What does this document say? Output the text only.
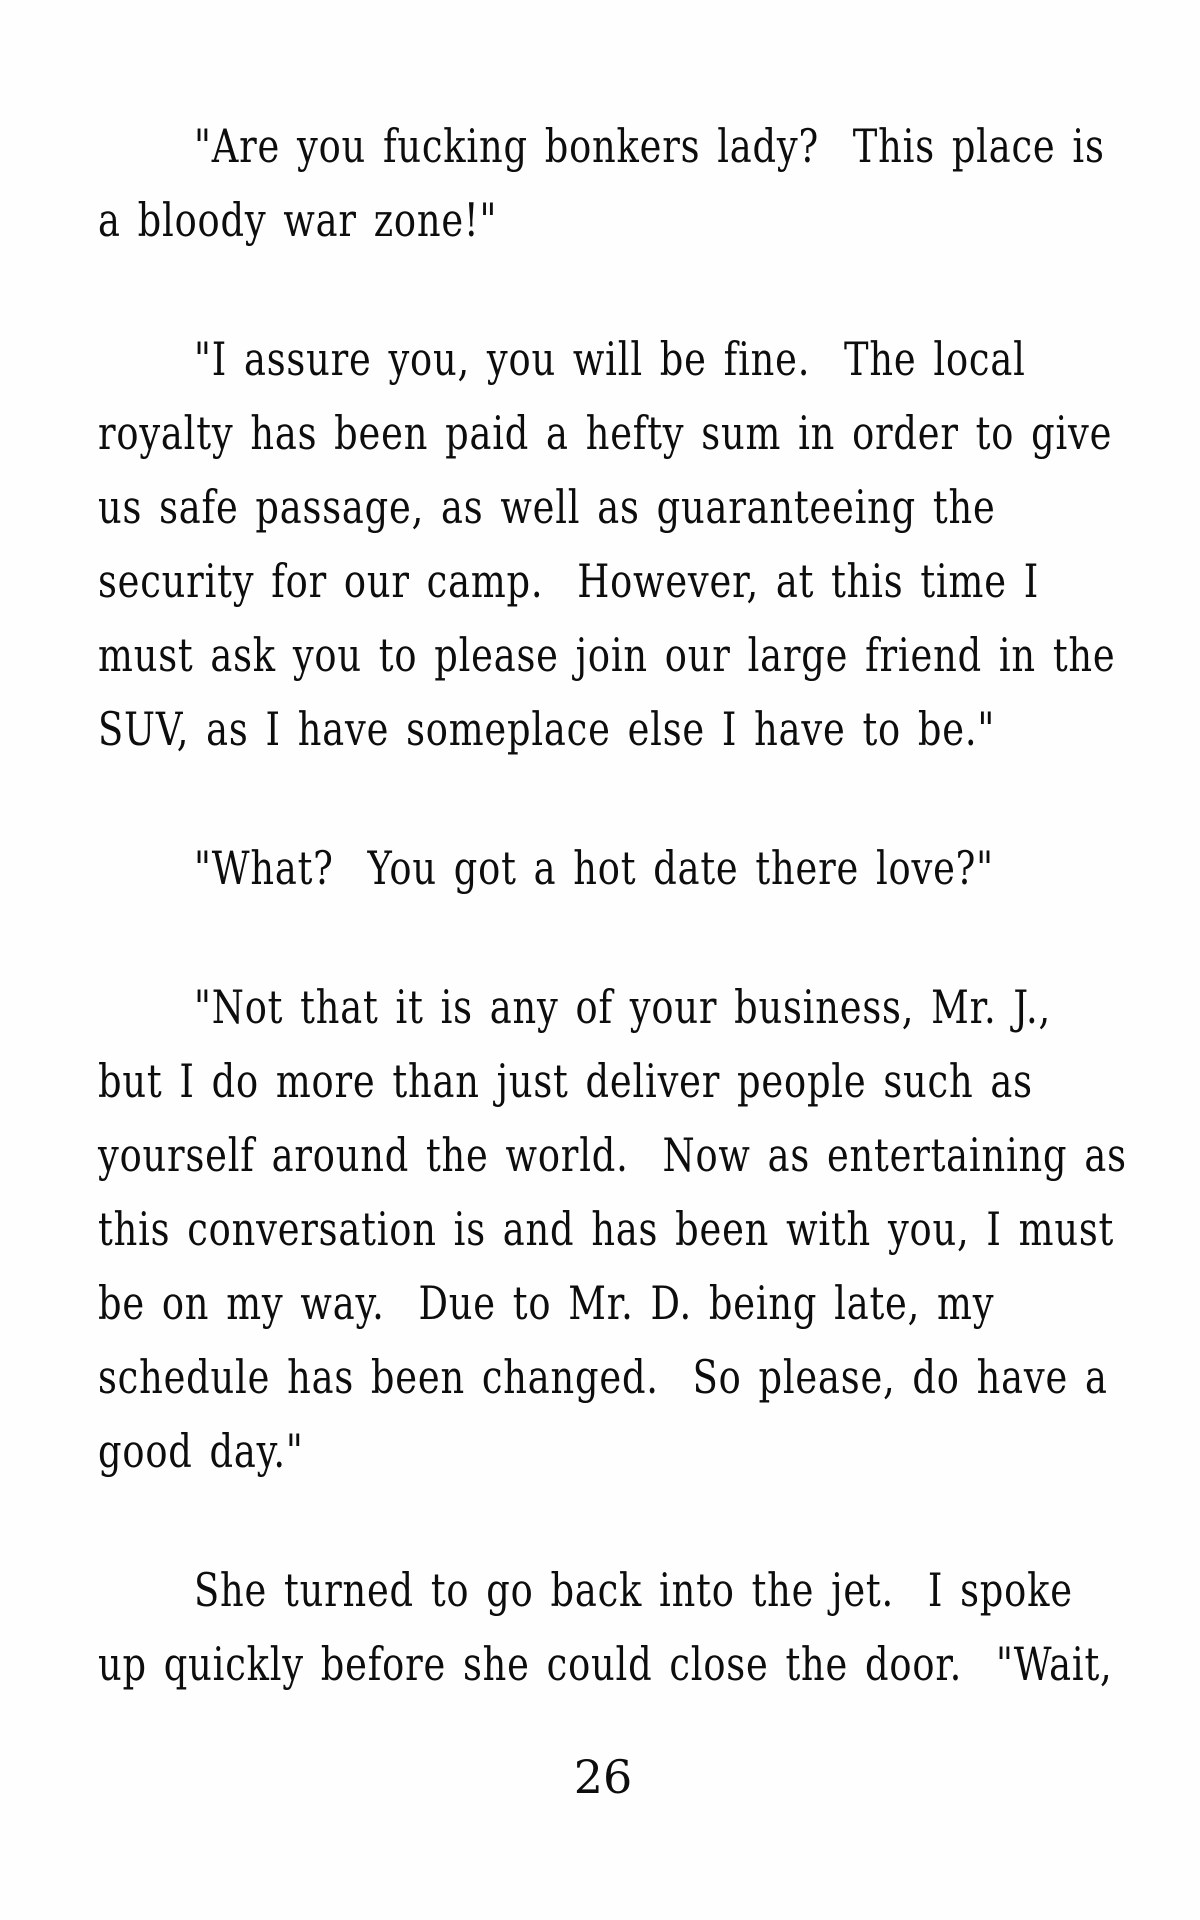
"Are you fucking bonkers lady?  This place is
a bloody war zone!"
"I assure you, you will be fine.  The local
royalty has been paid a hefty sum in order to give
us safe passage, as well as guaranteeing the
security for our camp.  However, at this time I
must ask you to please join our large friend in the
SUV, as I have someplace else I have to be."
"What?  You got a hot date there love?"
"Not that it is any of your business, Mr. J.,
but I do more than just deliver people such as
yourself around the world.  Now as entertaining as
this conversation is and has been with you, I must
be on my way.  Due to Mr. D. being late, my
schedule has been changed.  So please, do have a
good day."
She turned to go back into the jet.  I spoke
up quickly before she could close the door.  "Wait,
26
